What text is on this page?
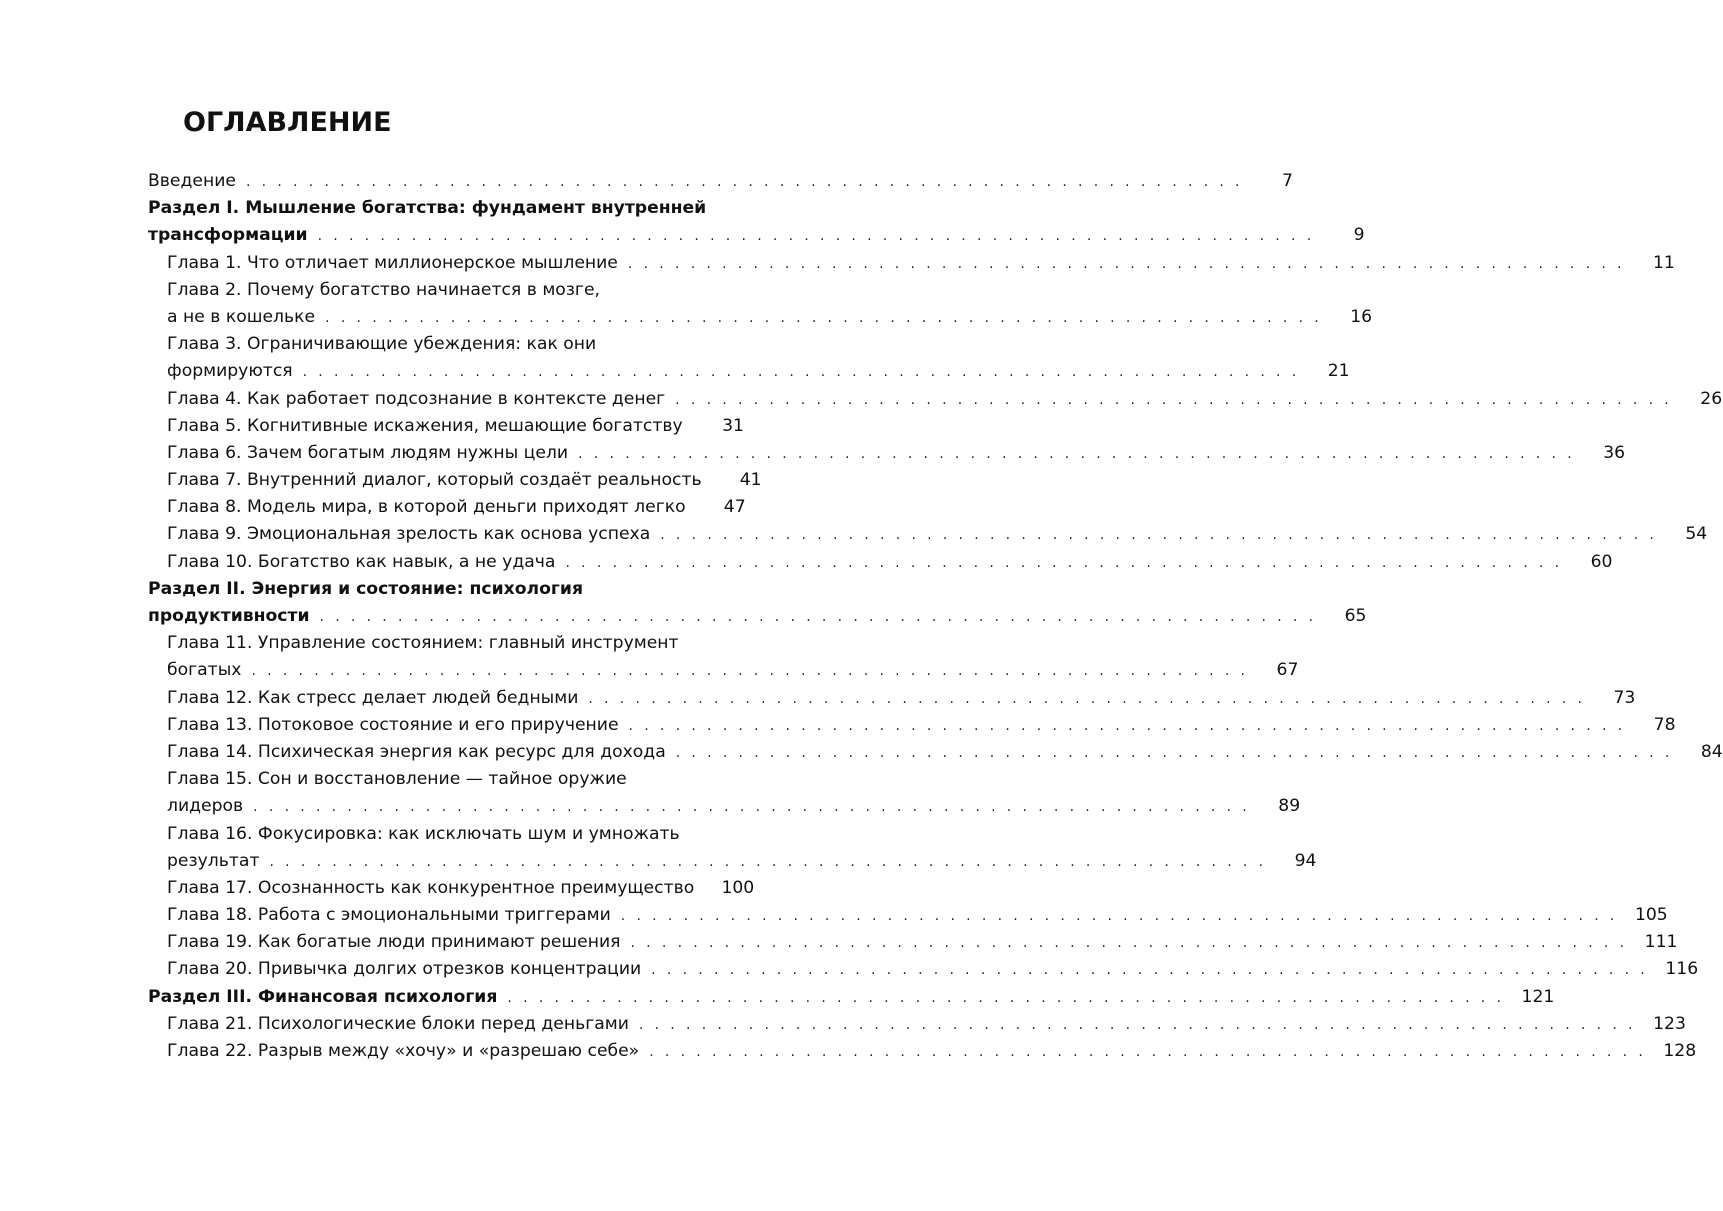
ОГЛАВЛЕНИЕ
Введение . . . . . . . . . . . . . . . . . . . . . . . . . . . . . . . . . . . . . . . . . . . . . . . . . . . . . . . . . . . . . . . .	7
Раздел I. Мышление богатства: фундамент внутренней
трансформации . . . . . . . . . . . . . . . . . . . . . . . . . . . . . . . . . . . . . . . . . . . . . . . . . . . . . . . . . . . . . . . .	9
Глава 1. Что отличает миллионерское мышление . . . . . . . . . . . . . . . . . . . . . . . . . . . . . . . . . . . . . . . . . . . . . . . . . . . . . . . . . . . . . . . .	11
Глава 2. Почему богатство начинается в мозге,
а не в кошельке . . . . . . . . . . . . . . . . . . . . . . . . . . . . . . . . . . . . . . . . . . . . . . . . . . . . . . . . . . . . . . . .	16
Глава 3. Ограничивающие убеждения: как они
формируются . . . . . . . . . . . . . . . . . . . . . . . . . . . . . . . . . . . . . . . . . . . . . . . . . . . . . . . . . . . . . . . .	21
Глава 4. Как работает подсознание в контексте денег . . . . . . . . . . . . . . . . . . . . . . . . . . . . . . . . . . . . . . . . . . . . . . . . . . . . . . . . . . . . . . . .	26
Глава 5. Когнитивные искажения, мешающие богатству	31
Глава 6. Зачем богатым людям нужны цели . . . . . . . . . . . . . . . . . . . . . . . . . . . . . . . . . . . . . . . . . . . . . . . . . . . . . . . . . . . . . . . .	36
Глава 7. Внутренний диалог, который создаёт реальность	41
Глава 8. Модель мира, в которой деньги приходят легко	47
Глава 9. Эмоциональная зрелость как основа успеха . . . . . . . . . . . . . . . . . . . . . . . . . . . . . . . . . . . . . . . . . . . . . . . . . . . . . . . . . . . . . . . .	54
Глава 10. Богатство как навык, а не удача . . . . . . . . . . . . . . . . . . . . . . . . . . . . . . . . . . . . . . . . . . . . . . . . . . . . . . . . . . . . . . . .	60
Раздел II. Энергия и состояние: психология
продуктивности . . . . . . . . . . . . . . . . . . . . . . . . . . . . . . . . . . . . . . . . . . . . . . . . . . . . . . . . . . . . . . . .	65
Глава 11. Управление состоянием: главный инструмент
богатых . . . . . . . . . . . . . . . . . . . . . . . . . . . . . . . . . . . . . . . . . . . . . . . . . . . . . . . . . . . . . . . .	67
Глава 12. Как стресс делает людей бедными . . . . . . . . . . . . . . . . . . . . . . . . . . . . . . . . . . . . . . . . . . . . . . . . . . . . . . . . . . . . . . . .	73
Глава 13. Потоковое состояние и его приручение . . . . . . . . . . . . . . . . . . . . . . . . . . . . . . . . . . . . . . . . . . . . . . . . . . . . . . . . . . . . . . . .	78
Глава 14. Психическая энергия как ресурс для дохода . . . . . . . . . . . . . . . . . . . . . . . . . . . . . . . . . . . . . . . . . . . . . . . . . . . . . . . . . . . . . . . .	84
Глава 15. Сон и восстановление — тайное оружие
лидеров . . . . . . . . . . . . . . . . . . . . . . . . . . . . . . . . . . . . . . . . . . . . . . . . . . . . . . . . . . . . . . . .	89
Глава 16. Фокусировка: как исключать шум и умножать
результат . . . . . . . . . . . . . . . . . . . . . . . . . . . . . . . . . . . . . . . . . . . . . . . . . . . . . . . . . . . . . . . .	94
Глава 17. Осознанность как конкурентное преимущество	100
Глава 18. Работа с эмоциональными триггерами . . . . . . . . . . . . . . . . . . . . . . . . . . . . . . . . . . . . . . . . . . . . . . . . . . . . . . . . . . . . . . . . 105
Глава 19. Как богатые люди принимают решения . . . . . . . . . . . . . . . . . . . . . . . . . . . . . . . . . . . . . . . . . . . . . . . . . . . . . . . . . . . . . . . . 111
Глава 20. Привычка долгих отрезков концентрации . . . . . . . . . . . . . . . . . . . . . . . . . . . . . . . . . . . . . . . . . . . . . . . . . . . . . . . . . . . . . . . . 116
Раздел III. Финансовая психология . . . . . . . . . . . . . . . . . . . . . . . . . . . . . . . . . . . . . . . . . . . . . . . . . . . . . . . . . . . . . . . . 121
Глава 21. Психологические блоки перед деньгами . . . . . . . . . . . . . . . . . . . . . . . . . . . . . . . . . . . . . . . . . . . . . . . . . . . . . . . . . . . . . . . . 123
Глава 22. Разрыв между «хочу» и «разрешаю себе» . . . . . . . . . . . . . . . . . . . . . . . . . . . . . . . . . . . . . . . . . . . . . . . . . . . . . . . . . . . . . . . . 128
